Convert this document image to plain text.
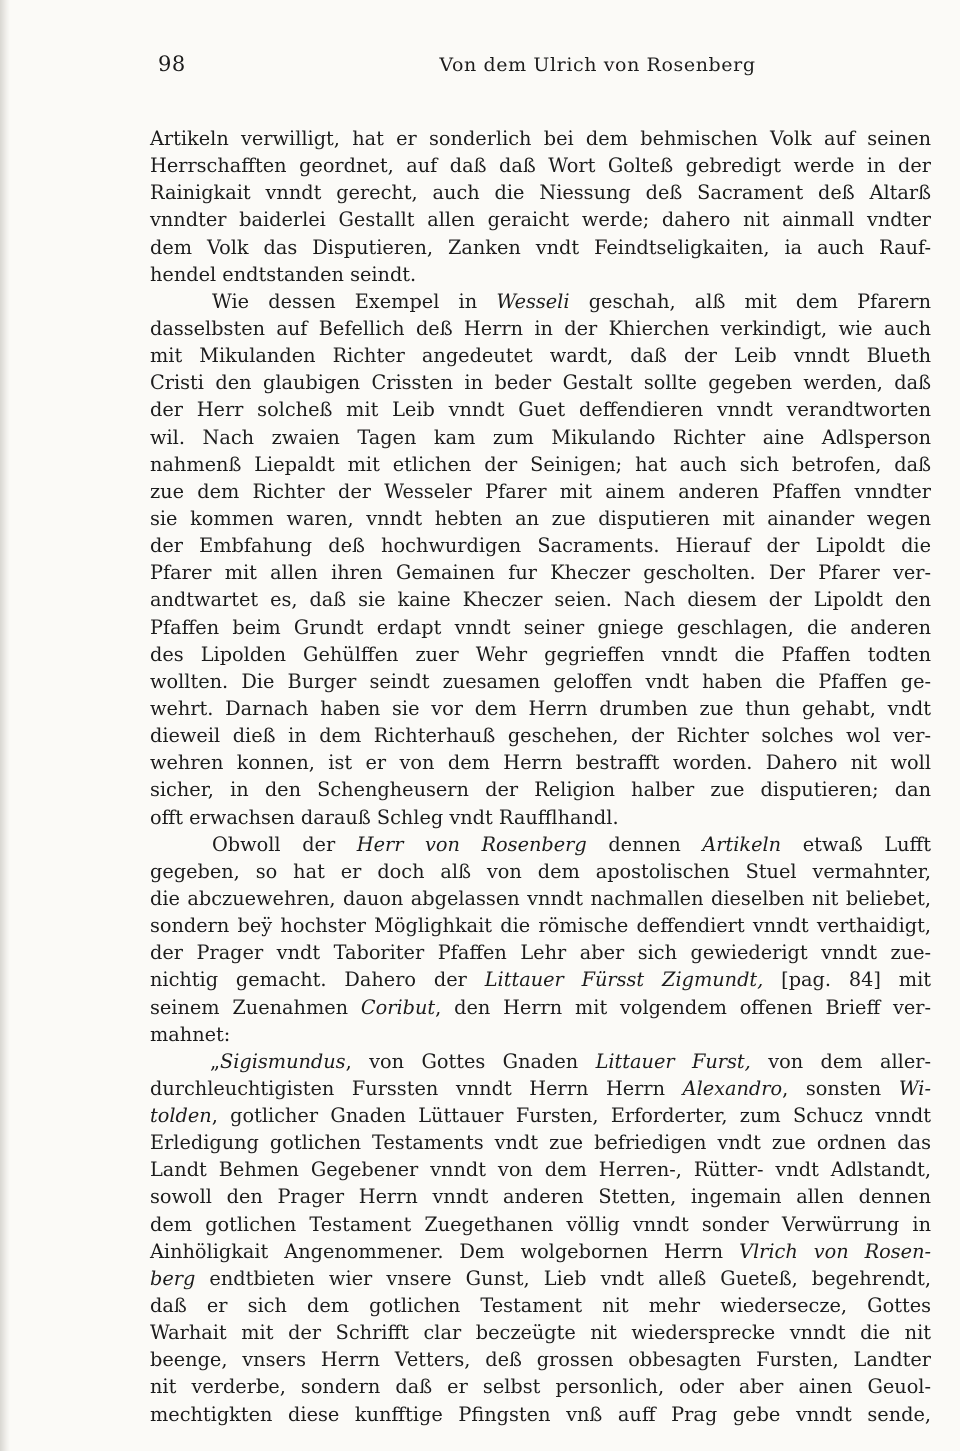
98	Von dem Ulrich von Rosenberg
Artikeln verwilligt, hat er sonderlich bei dem behmischen Volk auf seinen
Herrschafften geordnet, auf daß daß Wort Golteß gebredigt werde in der
Rainigkait vnndt gerecht, auch die Niessung deß Sacrament deß Altarß
vnndter baiderlei Gestallt allen geraicht werde; dahero nit ainmall vndter
dem Volk das Disputieren, Zanken vndt Feindtseligkaiten, ia auch Rauf-
hendel endtstanden seindt.
Wie dessen Exempel in Wesseli geschah, alß mit dem Pfarern
dasselbsten auf Befellich deß Herrn in der Khierchen verkindigt, wie auch
mit Mikulanden Richter angedeutet wardt, daß der Leib vnndt Blueth
Cristi den glaubigen Crissten in beder Gestalt sollte gegeben werden, daß
der Herr solcheß mit Leib vnndt Guet deffendieren vnndt verandtworten
wil. Nach zwaien Tagen kam zum Mikulando Richter aine Adlsperson
nahmenß Liepaldt mit etlichen der Seinigen; hat auch sich betrofen, daß
zue dem Richter der Wesseler Pfarer mit ainem anderen Pfaffen vnndter
sie kommen waren, vnndt hebten an zue disputieren mit ainander wegen
der Embfahung deß hochwurdigen Sacraments. Hierauf der Lipoldt die
Pfarer mit allen ihren Gemainen fur Kheczer gescholten. Der Pfarer ver-
andtwartet es, daß sie kaine Kheczer seien. Nach diesem der Lipoldt den
Pfaffen beim Grundt erdapt vnndt seiner gniege geschlagen, die anderen
des Lipolden Gehülffen zuer Wehr gegrieffen vnndt die Pfaffen todten
wollten. Die Burger seindt zuesamen geloffen vndt haben die Pfaffen ge-
wehrt. Darnach haben sie vor dem Herrn drumben zue thun gehabt, vndt
dieweil dieß in dem Richterhauß geschehen, der Richter solches wol ver-
wehren konnen, ist er von dem Herrn bestrafft worden. Dahero nit woll
sicher, in den Schengheusern der Religion halber zue disputieren; dan
offt erwachsen darauß Schleg vndt Raufflhandl.
Obwoll der Herr von Rosenberg dennen Artikeln etwaß Lufft
gegeben, so hat er doch alß von dem apostolischen Stuel vermahnter,
die abczuewehren, dauon abgelassen vnndt nachmallen dieselben nit beliebet,
sondern beÿ hochster Möglighkait die römische deffendiert vnndt verthaidigt,
der Prager vndt Taboriter Pfaffen Lehr aber sich gewiederigt vnndt zue-
nichtig gemacht. Dahero der Littauer Fürsst Zigmundt, [pag. 84] mit
seinem Zuenahmen Coribut, den Herrn mit volgendem offenen Brieff ver-
mahnet:
„Sigismundus, von Gottes Gnaden Littauer Furst, von dem aller-
durchleuchtigisten Furssten vnndt Herrn Herrn Alexandro, sonsten Wi-
tolden, gotlicher Gnaden Lüttauer Fursten, Erforderter, zum Schucz vnndt
Erledigung gotlichen Testaments vndt zue befriedigen vndt zue ordnen das
Landt Behmen Gegebener vnndt von dem Herren-, Rütter- vndt Adlstandt,
sowoll den Prager Herrn vnndt anderen Stetten, ingemain allen dennen
dem gotlichen Testament Zuegethanen völlig vnndt sonder Verwürrung in
Ainhöligkait Angenommener. Dem wolgebornen Herrn Vlrich von Rosen-
berg endtbieten wier vnsere Gunst, Lieb vndt alleß Gueteß, begehrendt,
daß er sich dem gotlichen Testament nit mehr wiedersecze, Gottes
Warhait mit der Schrifft clar beczeügte nit wiedersprecke vnndt die nit
beenge, vnsers Herrn Vetters, deß grossen obbesagten Fursten, Landter
nit verderbe, sondern daß er selbst personlich, oder aber ainen Geuol-
mechtigkten diese kunfftige Pfingsten vnß auff Prag gebe vnndt sende,
